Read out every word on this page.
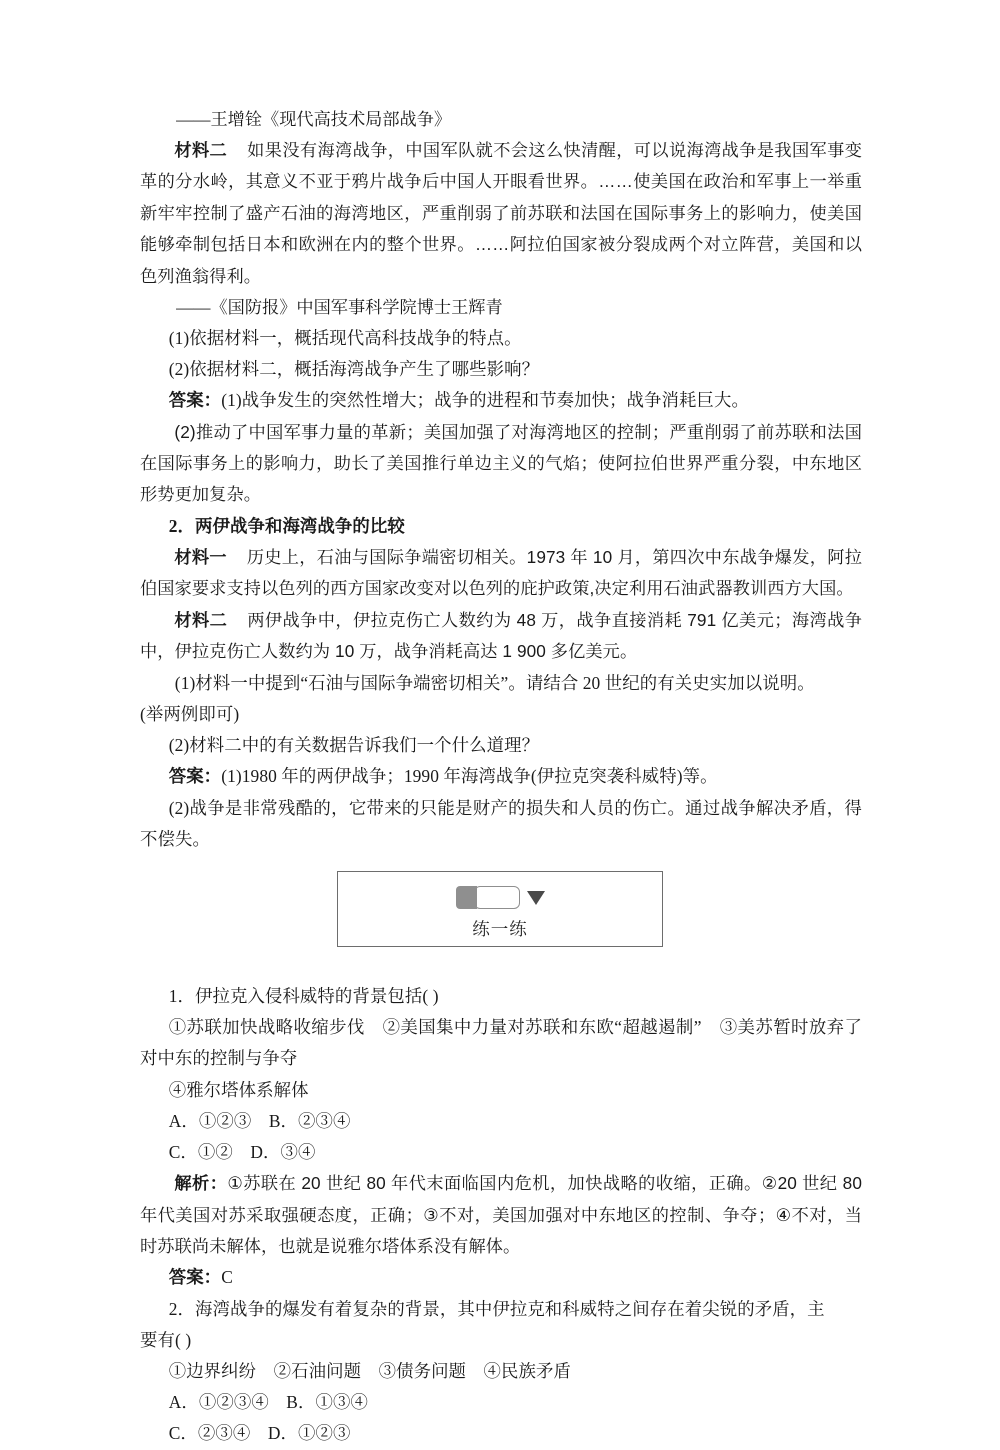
——王增铨《现代高技术局部战争》

材料二 如果没有海湾战争，中国军队就不会这么快清醒，可以说海湾战争是我国军事变革的分水岭，其意义不亚于鸦片战争后中国人开眼看世界。……使美国在政治和军事上一举重新牢牢控制了盛产石油的海湾地区，严重削弱了前苏联和法国在国际事务上的影响力，使美国能够牵制包括日本和欧洲在内的整个世界。……阿拉伯国家被分裂成两个对立阵营，美国和以色列渔翁得利。

——《国防报》中国军事科学院博士王辉青

(1)依据材料一，概括现代高科技战争的特点。

(2)依据材料二，概括海湾战争产生了哪些影响？

答案：(1)战争发生的突然性增大；战争的进程和节奏加快；战争消耗巨大。

(2)推动了中国军事力量的革新；美国加强了对海湾地区的控制；严重削弱了前苏联和法国在国际事务上的影响力，助长了美国推行单边主义的气焰；使阿拉伯世界严重分裂，中东地区形势更加复杂。

2．两伊战争和海湾战争的比较

材料一 历史上，石油与国际争端密切相关。1973 年 10 月，第四次中东战争爆发，阿拉伯国家要求支持以色列的西方国家改变对以色列的庇护政策,决定利用石油武器教训西方大国。

材料二 两伊战争中，伊拉克伤亡人数约为 48 万，战争直接消耗 791 亿美元；海湾战争中，伊拉克伤亡人数约为 10 万，战争消耗高达 1 900 多亿美元。

(1)材料一中提到“石油与国际争端密切相关”。请结合 20 世纪的有关史实加以说明。

(举两例即可)

(2)材料二中的有关数据告诉我们一个什么道理？

答案：(1)1980 年的两伊战争；1990 年海湾战争(伊拉克突袭科威特)等。

(2)战争是非常残酷的，它带来的只能是财产的损失和人员的伤亡。通过战争解决矛盾，得不偿失。

练一练

1．伊拉克入侵科威特的背景包括( )

①苏联加快战略收缩步伐　②美国集中力量对苏联和东欧“超越遏制”　③美苏暂时放弃了对中东的控制与争夺

④雅尔塔体系解体

A．①②③　B．②③④

C．①②　D．③④

解析：①苏联在 20 世纪 80 年代末面临国内危机，加快战略的收缩，正确。②20 世纪 80 年代美国对苏采取强硬态度，正确；③不对，美国加强对中东地区的控制、争夺；④不对，当时苏联尚未解体，也就是说雅尔塔体系没有解体。

答案：C

2．海湾战争的爆发有着复杂的背景，其中伊拉克和科威特之间存在着尖锐的矛盾，主

要有( )

①边界纠纷　②石油问题　③债务问题　④民族矛盾

A．①②③④　B．①③④

C．②③④　D．①②③
